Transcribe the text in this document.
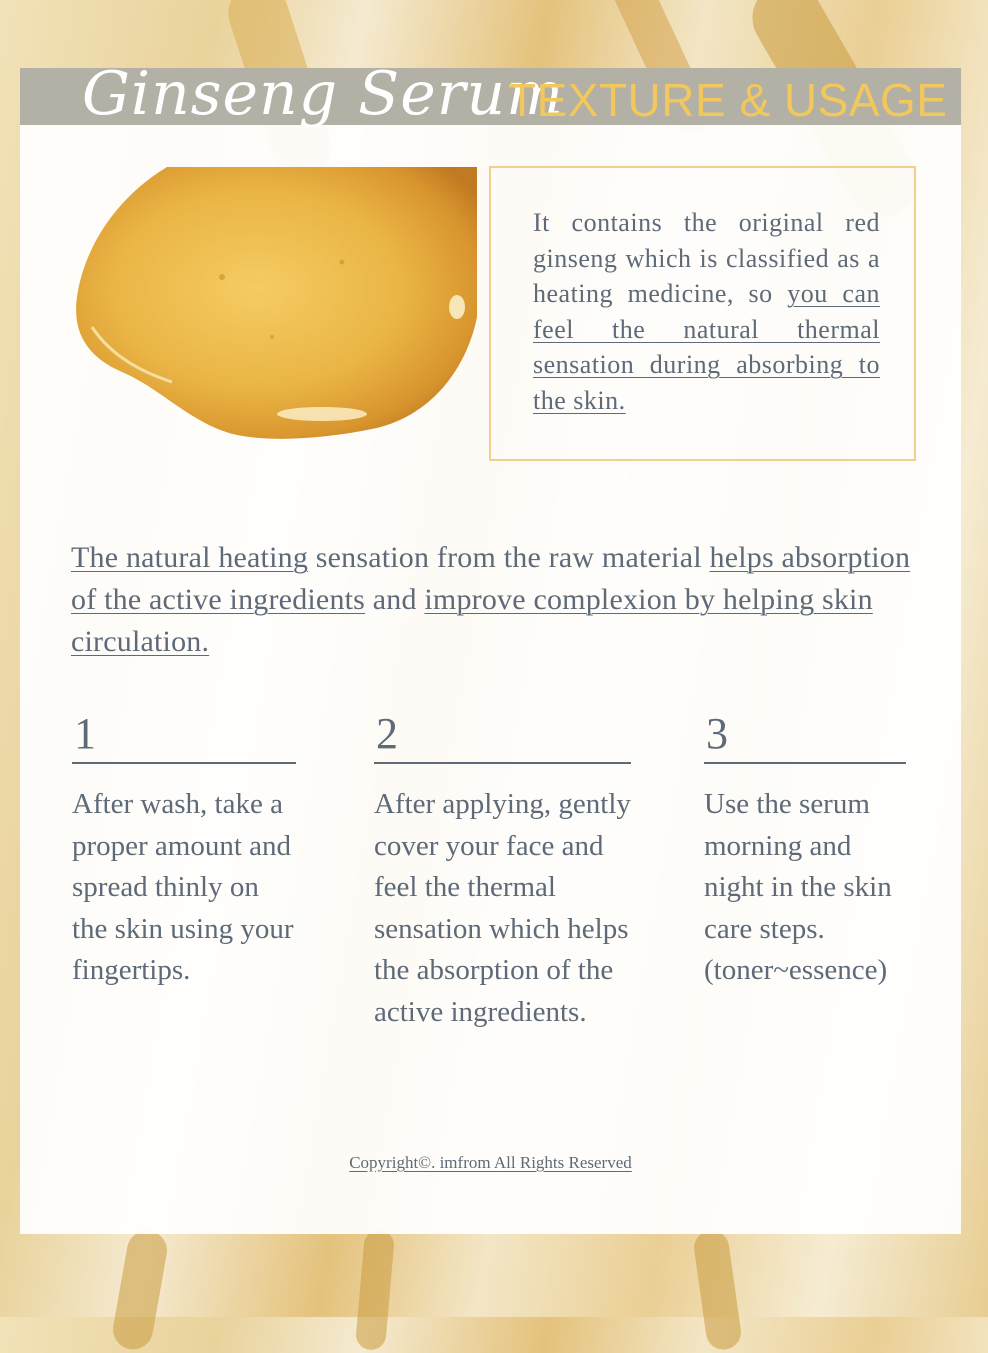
Ginseng Serum
TEXTURE & USAGE
It contains the original red ginseng which is classified as a heating medicine, so you can feel the natural thermal sensation during absorbing to the skin.
The natural heating sensation from the raw material helps absorption of the active ingredients and improve complexion by helping skin circulation.
1
After wash, take a proper amount and spread thinly on the skin using your fingertips.
2
After applying, gently cover your face and feel the thermal sensation which helps the absorption of the active ingredients.
3
Use the serum morning and night in the skin care steps. (toner~essence)
Copyright©. imfrom All Rights Reserved
